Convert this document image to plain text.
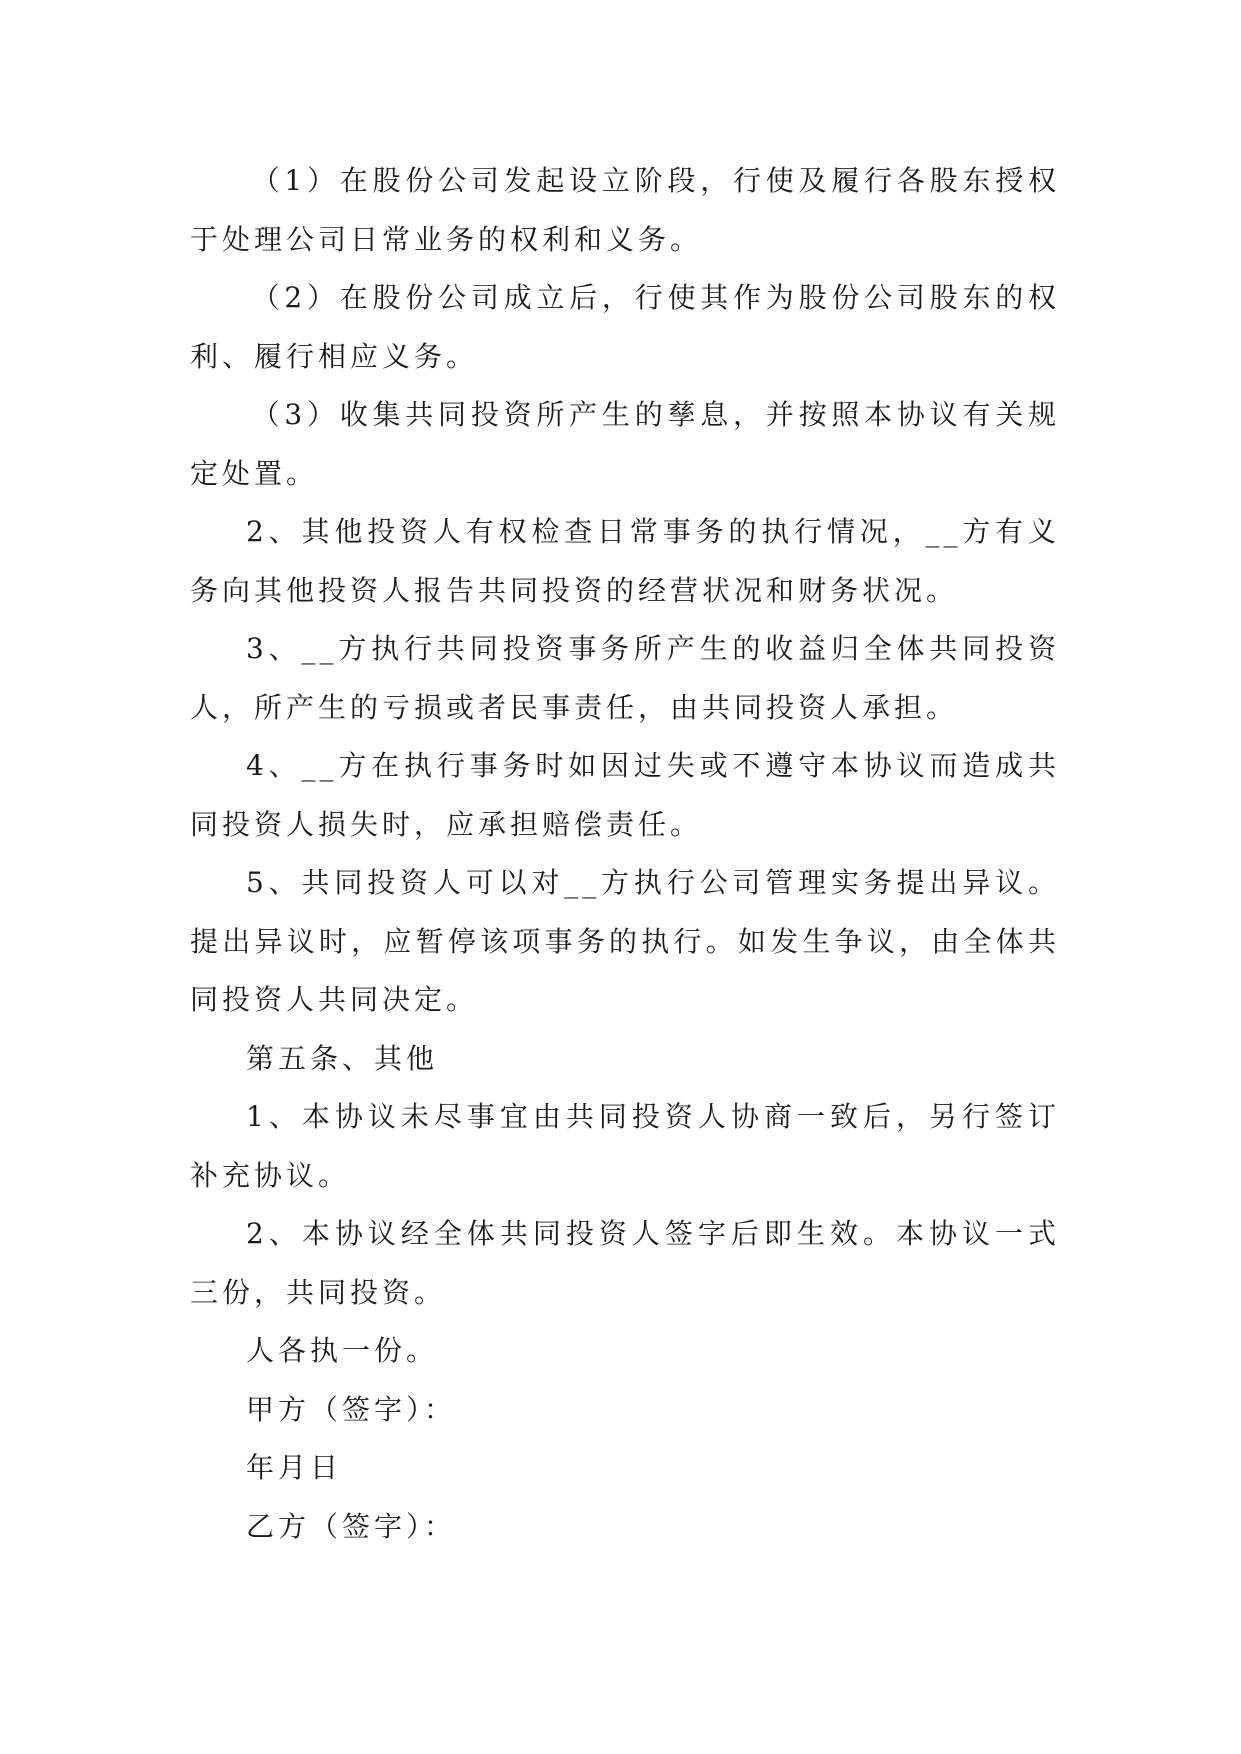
（1）在股份公司发起设立阶段，行使及履行各股东授权于处理公司日常业务的权利和义务。

（2）在股份公司成立后，行使其作为股份公司股东的权利、履行相应义务。

（3）收集共同投资所产生的孳息，并按照本协议有关规定处置。

2、其他投资人有权检查日常事务的执行情况，__方有义务向其他投资人报告共同投资的经营状况和财务状况。

3、__方执行共同投资事务所产生的收益归全体共同投资人，所产生的亏损或者民事责任，由共同投资人承担。

4、__方在执行事务时如因过失或不遵守本协议而造成共同投资人损失时，应承担赔偿责任。

5、共同投资人可以对__方执行公司管理实务提出异议。提出异议时，应暂停该项事务的执行。如发生争议，由全体共同投资人共同决定。

第五条、其他

1、本协议未尽事宜由共同投资人协商一致后，另行签订补充协议。

2、本协议经全体共同投资人签字后即生效。本协议一式三份，共同投资。

人各执一份。

甲方（签字）：

年月日

乙方（签字）：
